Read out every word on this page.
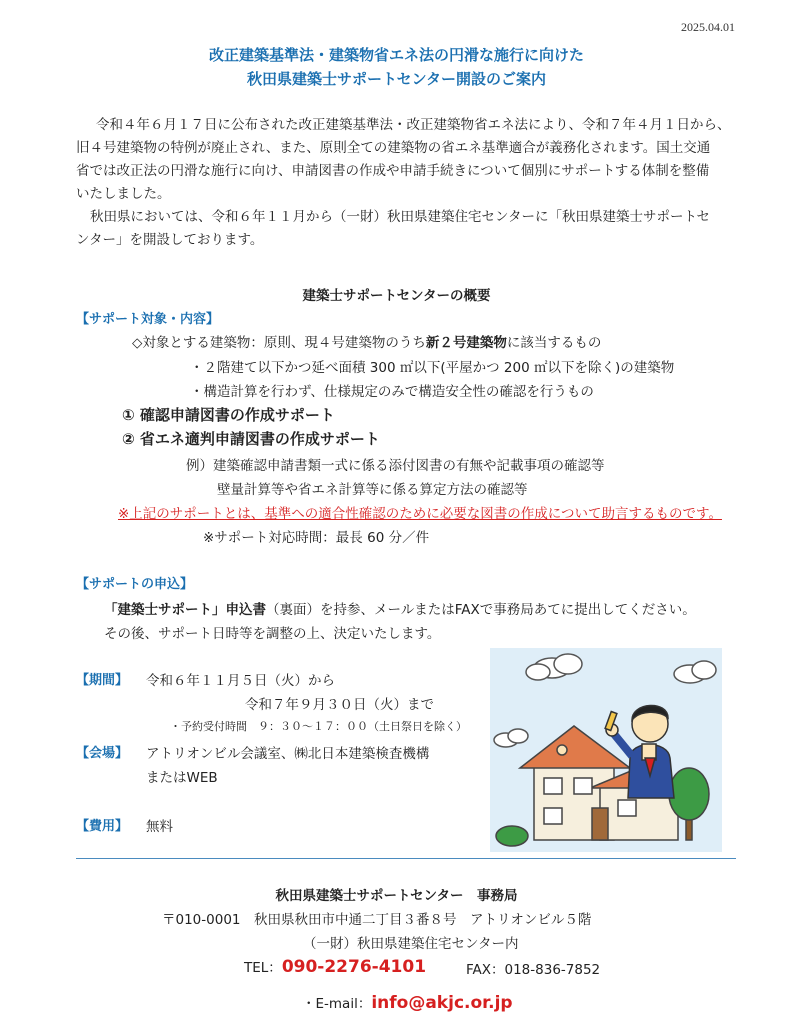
2025.04.01
改正建築基準法・建築物省エネ法の円滑な施行に向けた
秋田県建築士サポートセンター開設のご案内
令和４年６月１７日に公布された改正建築基準法・改正建築物省エネ法により、令和７年４月１日から、
旧４号建築物の特例が廃止され、また、原則全ての建築物の省エネ基準適合が義務化されます。国土交通
省では改正法の円滑な施行に向け、申請図書の作成や申請手続きについて個別にサポートする体制を整備
いたしました。
秋田県においては、令和６年１１月から（一財）秋田県建築住宅センターに「秋田県建築士サポートセ
ンター」を開設しております。
建築士サポートセンターの概要
【サポート対象・内容】
◇対象とする建築物：原則、現４号建築物のうち新２号建築物に該当するもの
・２階建て以下かつ延べ面積 300 ㎡以下(平屋かつ 200 ㎡以下を除く)の建築物
・構造計算を行わず、仕様規定のみで構造安全性の確認を行うもの
① 確認申請図書の作成サポート
② 省エネ適判申請図書の作成サポート
例）建築確認申請書類一式に係る添付図書の有無や記載事項の確認等
壁量計算等や省エネ計算等に係る算定方法の確認等
※上記のサポートとは、基準への適合性確認のために必要な図書の作成について助言するものです。
※サポート対応時間：最長 60 分／件
【サポートの申込】
「建築士サポート」申込書（裏面）を持参、メールまたはFAXで事務局あてに提出してください。
その後、サポート日時等を調整の上、決定いたします。
【期間】 令和６年１１月５日（火）から
令和７年９月３０日（火）まで
・予約受付時間　９：３０～１７：００（土日祭日を除く）
【会場】 アトリオンビル会議室、㈱北日本建築検査機構
またはWEB
【費用】 無料
秋田県建築士サポートセンター　事務局
〒010-0001　秋田県秋田市中通二丁目３番８号　アトリオンビル５階
（一財）秋田県建築住宅センター内
TEL：090-2276-4101	FAX：018-836-7852
・E-mail：info@akjc.or.jp
